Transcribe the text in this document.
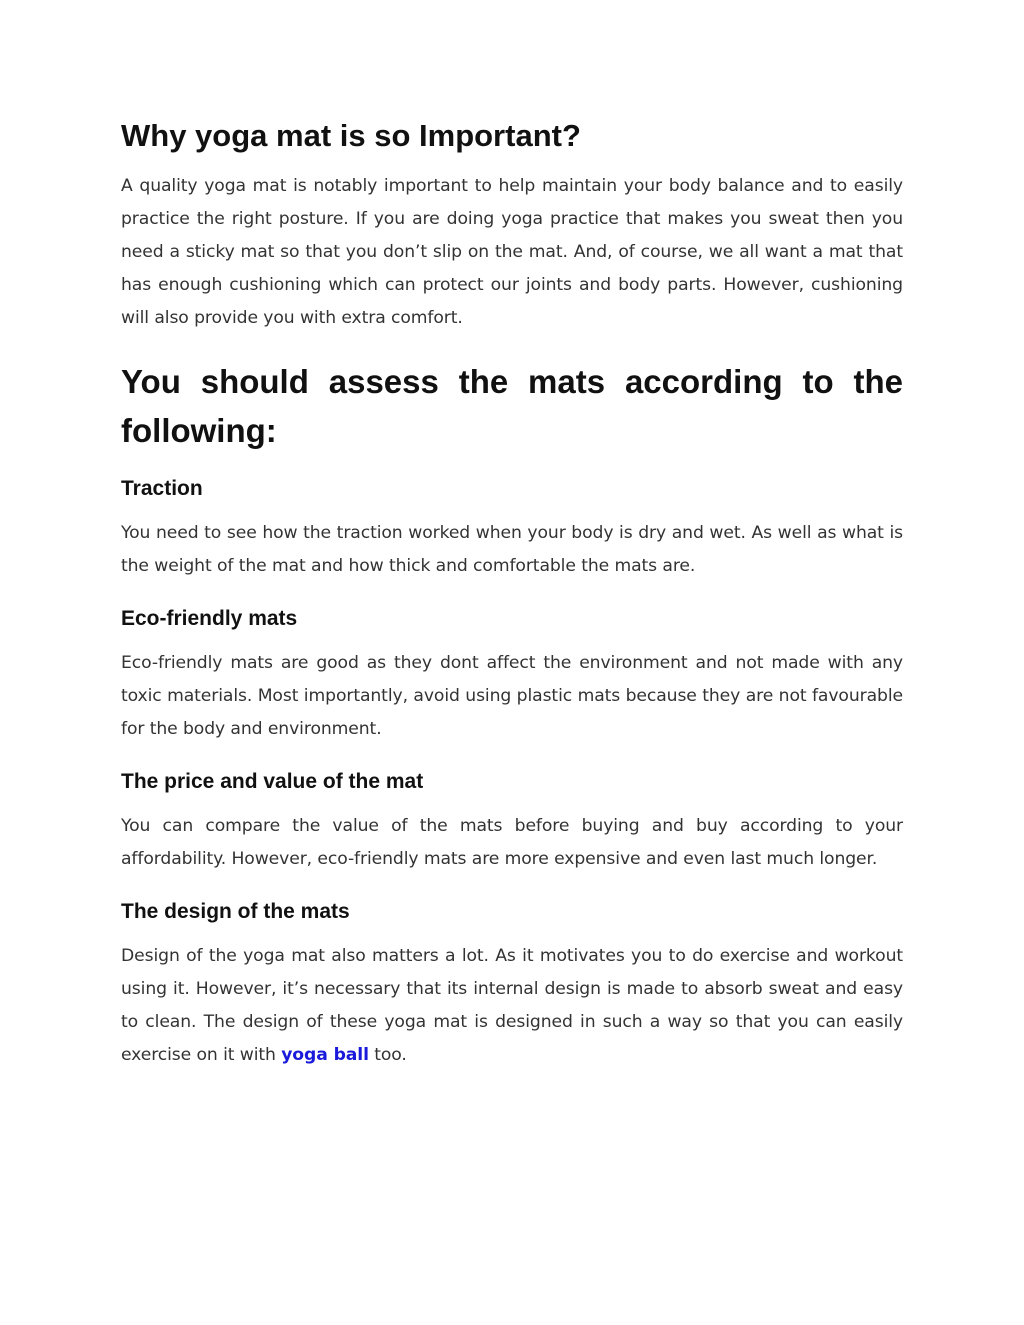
Why yoga mat is so Important?

A quality yoga mat is notably important to help maintain your body balance and to easily practice the right posture. If you are doing yoga practice that makes you sweat then you need a sticky mat so that you don’t slip on the mat. And, of course, we all want a mat that has enough cushioning which can protect our joints and body parts. However, cushioning will also provide you with extra comfort.

You should assess the mats according to the following:
Traction

You need to see how the traction worked when your body is dry and wet. As well as what is the weight of the mat and how thick and comfortable the mats are.

Eco-friendly mats

Eco-friendly mats are good as they dont affect the environment and not made with any toxic materials. Most importantly, avoid using plastic mats because they are not favourable for the body and environment.

The price and value of the mat

You can compare the value of the mats before buying and buy according to your affordability. However, eco-friendly mats are more expensive and even last much longer.

The design of the mats

Design of the yoga mat also matters a lot. As it motivates you to do exercise and workout using it. However, it’s necessary that its internal design is made to absorb sweat and easy to clean. The design of these yoga mat is designed in such a way so that you can easily exercise on it with yoga ball too.
